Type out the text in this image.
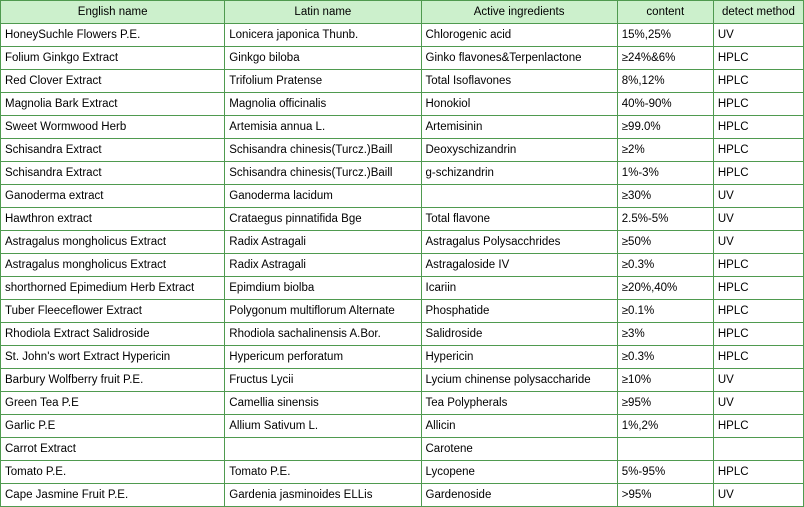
English name	Latin name	Active ingredients	content	detect method
HoneySuchle Flowers P.E.	Lonicera japonica Thunb.	Chlorogenic acid	15%,25%	UV
Folium Ginkgo Extract	Ginkgo biloba	Ginko flavones&Terpenlactone	≥24%&6%	HPLC
Red Clover Extract	Trifolium Pratense	Total Isoflavones	8%,12%	HPLC
Magnolia Bark Extract	Magnolia officinalis	Honokiol	40%-90%	HPLC
Sweet Wormwood Herb	Artemisia annua L.	Artemisinin	≥99.0%	HPLC
Schisandra Extract	Schisandra chinesis(Turcz.)Baill	Deoxyschizandrin	≥2%	HPLC
Schisandra Extract	Schisandra chinesis(Turcz.)Baill	g-schizandrin	1%-3%	HPLC
Ganoderma extract	Ganoderma lacidum		≥30%	UV
Hawthron extract	Crataegus pinnatifida Bge	Total flavone	2.5%-5%	UV
Astragalus mongholicus Extract	Radix Astragali	Astragalus Polysacchrides	≥50%	UV
Astragalus mongholicus Extract	Radix Astragali	Astragaloside IV	≥0.3%	HPLC
shorthorned Epimedium Herb Extract	Epimdium biolba	Icariin	≥20%,40%	HPLC
Tuber Fleeceflower Extract	Polygonum multiflorum Alternate	Phosphatide	≥0.1%	HPLC
Rhodiola Extract Salidroside	Rhodiola sachalinensis A.Bor.	Salidroside	≥3%	HPLC
St. John's wort Extract Hypericin	Hypericum perforatum	Hypericin	≥0.3%	HPLC
Barbury Wolfberry fruit P.E.	Fructus Lycii	Lycium chinense polysaccharide	≥10%	UV
Green Tea P.E	Camellia sinensis	Tea Polypherals	≥95%	UV
Garlic P.E	Allium Sativum L.	Allicin	1%,2%	HPLC
Carrot Extract		Carotene		
Tomato P.E.	Tomato P.E.	Lycopene	5%-95%	HPLC
Cape Jasmine Fruit P.E.	Gardenia jasminoides ELLis	Gardenoside	>95%	UV
